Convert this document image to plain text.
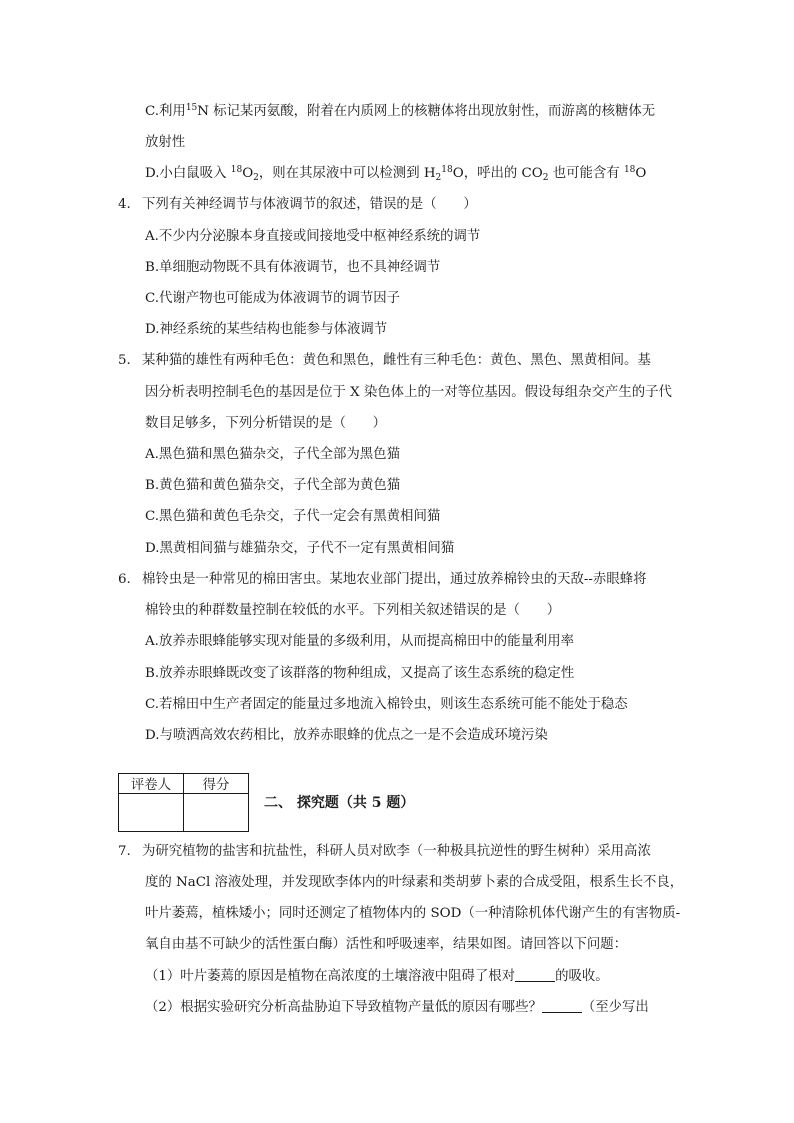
C.利用$^{15}$N 标记某丙氨酸，附着在内质网上的核糖体将出现放射性，而游离的核糖体无
放射性
D.小白鼠吸入 $^{18}O_2$，则在其尿液中可以检测到 $H_2^{18}O$，呼出的 $CO_2$ 也可能含有 $^{18}$O
4. 下列有关神经调节与体液调节的叙述，错误的是（　　）
A.不少内分泌腺本身直接或间接地受中枢神经系统的调节
B.单细胞动物既不具有体液调节，也不具神经调节
C.代谢产物也可能成为体液调节的调节因子
D.神经系统的某些结构也能参与体液调节
5. 某种猫的雄性有两种毛色：黄色和黑色，雌性有三种毛色：黄色、黑色、黑黄相间。基
因分析表明控制毛色的基因是位于 X 染色体上的一对等位基因。假设每组杂交产生的子代
数目足够多，下列分析错误的是（　　）
A.黑色猫和黑色猫杂交，子代全部为黑色猫
B.黄色猫和黄色猫杂交，子代全部为黄色猫
C.黑色猫和黄色毛杂交，子代一定会有黑黄相间猫
D.黑黄相间猫与雄猫杂交，子代不一定有黑黄相间猫
6. 棉铃虫是一种常见的棉田害虫。某地农业部门提出，通过放养棉铃虫的天敌--赤眼蜂将
棉铃虫的种群数量控制在较低的水平。下列相关叙述错误的是（　　）
A.放养赤眼蜂能够实现对能量的多级利用，从而提高棉田中的能量利用率
B.放养赤眼蜂既改变了该群落的物种组成，又提高了该生态系统的稳定性
C.若棉田中生产者固定的能量过多地流入棉铃虫，则该生态系统可能不能处于稳态
D.与喷洒高效农药相比，放养赤眼蜂的优点之一是不会造成环境污染
评卷人	得分

二、 探究题（共 5 题）
7. 为研究植物的盐害和抗盐性，科研人员对欧李（一种极具抗逆性的野生树种）采用高浓
度的 NaCl 溶液处理，并发现欧李体内的叶绿素和类胡萝卜素的合成受阻，根系生长不良，
叶片萎蔫，植株矮小；同时还测定了植物体内的 SOD（一种清除机体代谢产生的有害物质-
氧自由基不可缺少的活性蛋白酶）活性和呼吸速率，结果如图。请回答以下问题：
（1）叶片萎蔫的原因是植物在高浓度的土壤溶液中阻碍了根对	的吸收。
（2）根据实验研究分析高盐胁迫下导致植物产量低的原因有哪些？	（至少写出
